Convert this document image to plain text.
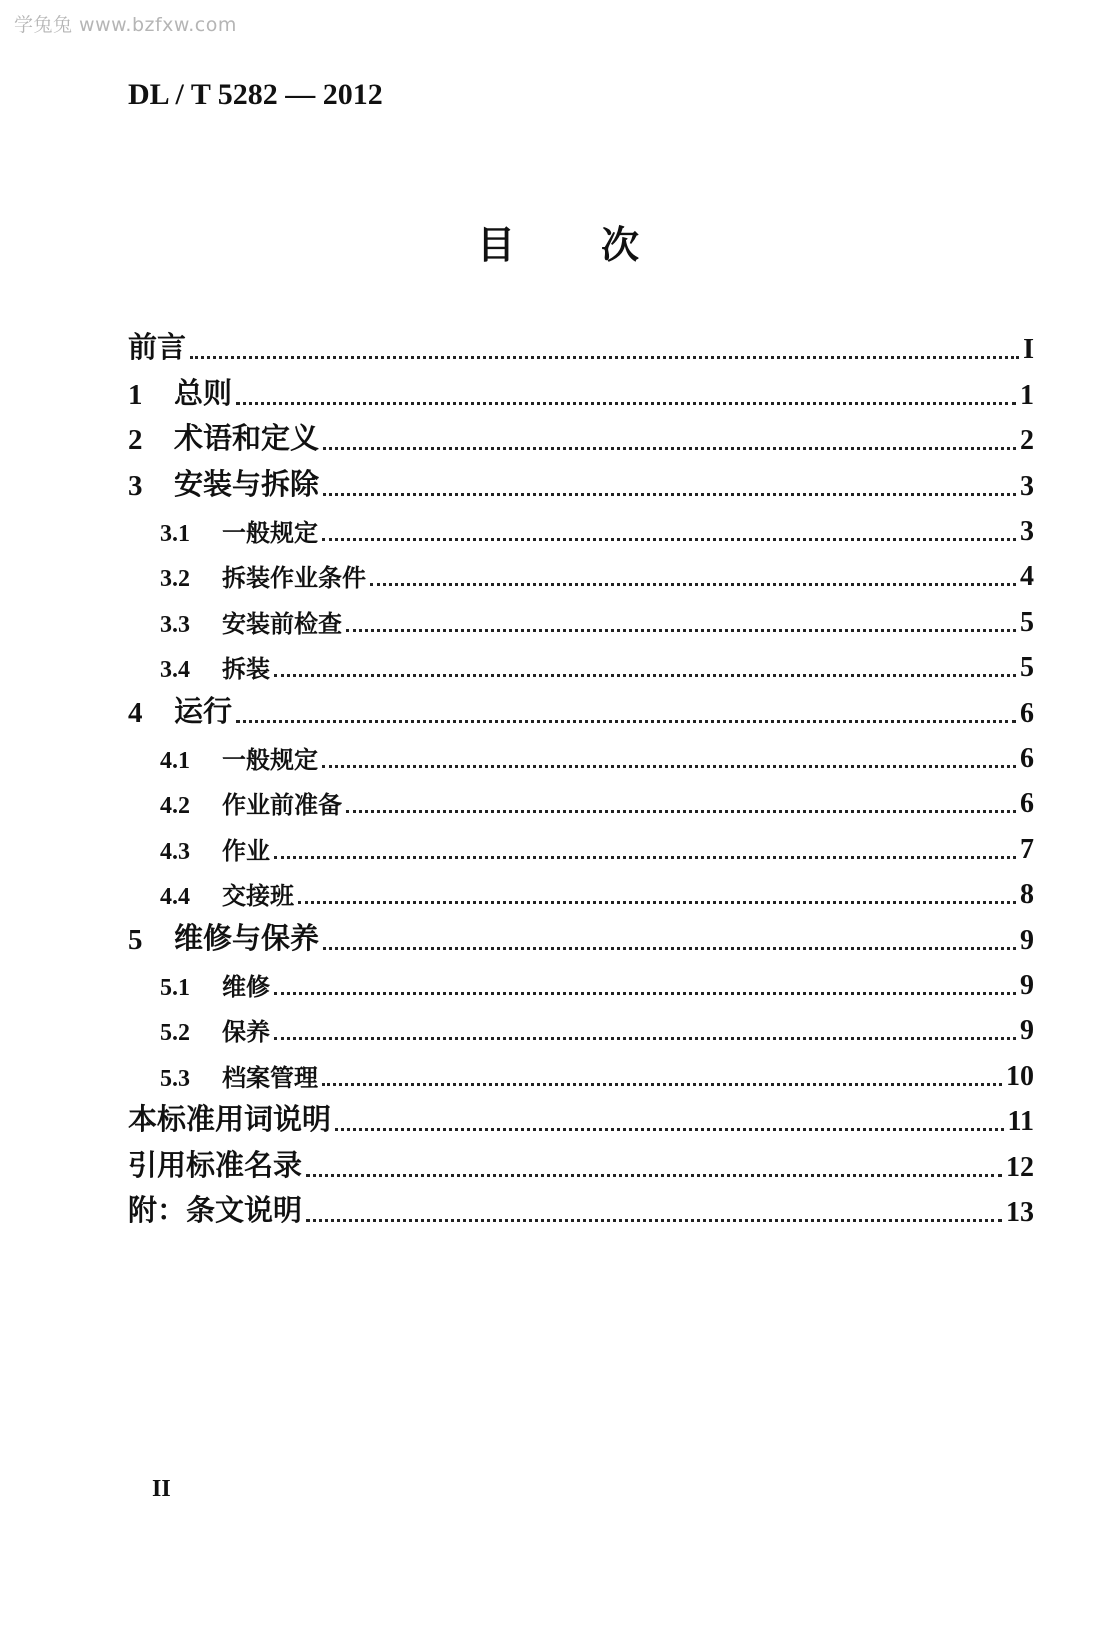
学兔兔 www.bzfxw.com
DL / T 5282 — 2012
目次
前言	I
1	总则	1
2	术语和定义	2
3	安装与拆除	3
3.1	一般规定	3
3.2	拆装作业条件	4
3.3	安装前检查	5
3.4	拆装	5
4	运行	6
4.1	一般规定	6
4.2	作业前准备	6
4.3	作业	7
4.4	交接班	8
5	维修与保养	9
5.1	维修	9
5.2	保养	9
5.3	档案管理	10
本标准用词说明	11
引用标准名录	12
附：条文说明	13
II
